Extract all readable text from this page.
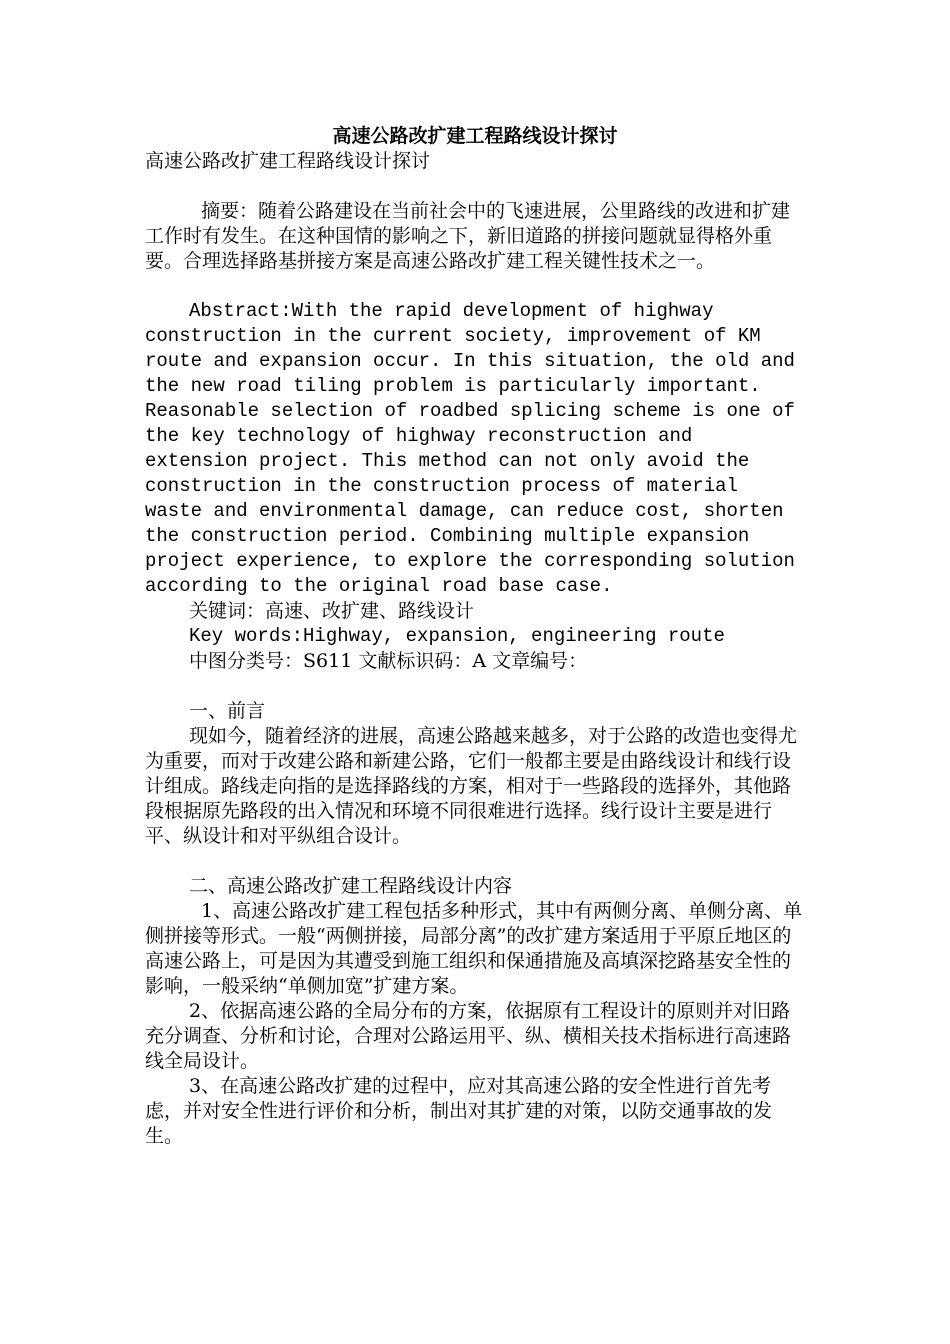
高速公路改扩建工程路线设计探讨

高速公路改扩建工程路线设计探讨

摘要：随着公路建设在当前社会中的飞速进展，公里路线的改进和扩建工作时有发生。在这种国情的影响之下，新旧道路的拼接问题就显得格外重要。合理选择路基拼接方案是高速公路改扩建工程关键性技术之一。

Abstract:With the rapid development of highway construction in the current society, improvement of KM route and expansion occur. In this situation, the old and the new road tiling problem is particularly important. Reasonable selection of roadbed splicing scheme is one of the key technology of highway reconstruction and extension project. This method can not only avoid the construction in the construction process of material waste and environmental damage, can reduce cost, shorten the construction period. Combining multiple expansion project experience, to explore the corresponding solution according to the original road base case.

关键词：高速、改扩建、路线设计

Key words:Highway, expansion, engineering route

中图分类号：S611 文献标识码：A 文章编号：

一、前言

现如今，随着经济的进展，高速公路越来越多，对于公路的改造也变得尤为重要，而对于改建公路和新建公路，它们一般都主要是由路线设计和线行设计组成。路线走向指的是选择路线的方案，相对于一些路段的选择外，其他路段根据原先路段的出入情况和环境不同很难进行选择。线行设计主要是进行平、纵设计和对平纵组合设计。

二、高速公路改扩建工程路线设计内容

1、高速公路改扩建工程包括多种形式，其中有两侧分离、单侧分离、单侧拼接等形式。一般“两侧拼接，局部分离”的改扩建方案适用于平原丘地区的高速公路上，可是因为其遭受到施工组织和保通措施及高填深挖路基安全性的影响，一般采纳“单侧加宽”扩建方案。

2、依据高速公路的全局分布的方案，依据原有工程设计的原则并对旧路充分调查、分析和讨论，合理对公路运用平、纵、横相关技术指标进行高速路线全局设计。

3、在高速公路改扩建的过程中，应对其高速公路的安全性进行首先考虑，并对安全性进行评价和分析，制出对其扩建的对策，以防交通事故的发生。
